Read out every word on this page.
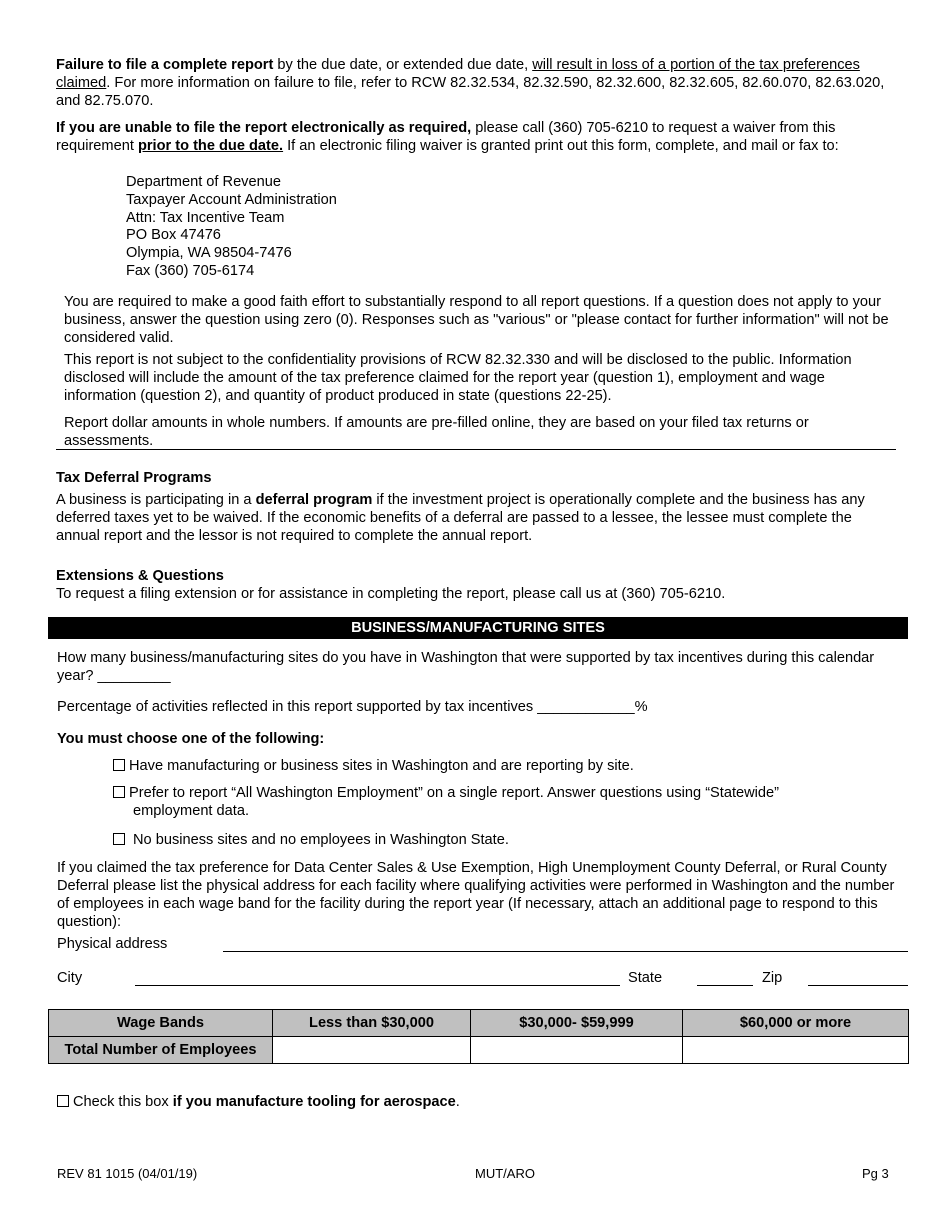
Failure to file a complete report by the due date, or extended due date, will result in loss of a portion of the tax preferences claimed. For more information on failure to file, refer to RCW 82.32.534, 82.32.590, 82.32.600, 82.32.605, 82.60.070, 82.63.020, and 82.75.070.

If you are unable to file the report electronically as required, please call (360) 705-6210 to request a waiver from this requirement prior to the due date. If an electronic filing waiver is granted print out this form, complete, and mail or fax to:

Department of Revenue
Taxpayer Account Administration
Attn: Tax Incentive Team
PO Box 47476
Olympia, WA 98504-7476
Fax (360) 705-6174

You are required to make a good faith effort to substantially respond to all report questions. If a question does not apply to your business, answer the question using zero (0). Responses such as "various" or "please contact for further information" will not be considered valid.

This report is not subject to the confidentiality provisions of RCW 82.32.330 and will be disclosed to the public. Information disclosed will include the amount of the tax preference claimed for the report year (question 1), employment and wage information (question 2), and quantity of product produced in state (questions 22-25).

Report dollar amounts in whole numbers. If amounts are pre-filled online, they are based on your filed tax returns or assessments.

Tax Deferral Programs

A business is participating in a deferral program if the investment project is operationally complete and the business has any deferred taxes yet to be waived. If the economic benefits of a deferral are passed to a lessee, the lessee must complete the annual report and the lessor is not required to complete the annual report.

Extensions & Questions

To request a filing extension or for assistance in completing the report, please call us at (360) 705-6210.

BUSINESS/MANUFACTURING SITES

How many business/manufacturing sites do you have in Washington that were supported by tax incentives during this calendar year? _________

Percentage of activities reflected in this report supported by tax incentives ____________%

You must choose one of the following:
Have manufacturing or business sites in Washington and are reporting by site.
Prefer to report “All Washington Employment” on a single report. Answer questions using “Statewide”
employment data.
No business sites and no employees in Washington State.

If you claimed the tax preference for Data Center Sales & Use Exemption, High Unemployment County Deferral, or Rural County Deferral please list the physical address for each facility where qualifying activities were performed in Washington and the number of employees in each wage band for the facility during the report year (If necessary, attach an additional page to respond to this question):

Physical address
City	State	Zip
Wage Bands	Less than $30,000	$30,000- $59,999	$60,000 or more
Total Number of Employees			
Check this box if you manufacture tooling for aerospace.
REV 81 1015 (04/01/19)	MUT/ARO	Pg 3
